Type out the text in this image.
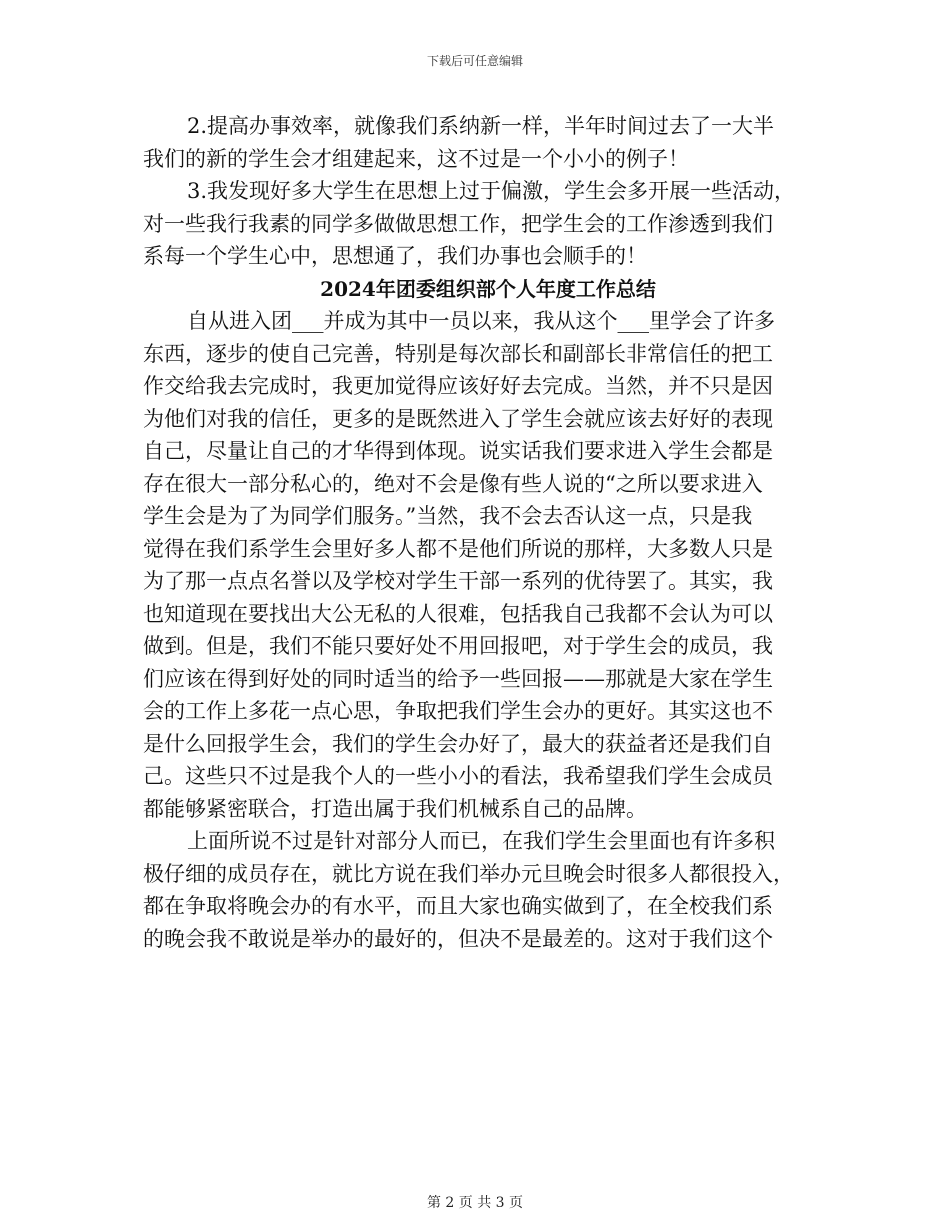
下载后可任意编辑
2.提高办事效率，就像我们系纳新一样，半年时间过去了一大半
我们的新的学生会才组建起来，这不过是一个小小的例子！
3.我发现好多大学生在思想上过于偏激，学生会多开展一些活动，
对一些我行我素的同学多做做思想工作，把学生会的工作渗透到我们
系每一个学生心中，思想通了，我们办事也会顺手的！
2024年团委组织部个人年度工作总结
自从进入团___并成为其中一员以来，我从这个___里学会了许多
东西，逐步的使自己完善，特别是每次部长和副部长非常信任的把工
作交给我去完成时，我更加觉得应该好好去完成。当然，并不只是因
为他们对我的信任，更多的是既然进入了学生会就应该去好好的表现
自己，尽量让自己的才华得到体现。说实话我们要求进入学生会都是
存在很大一部分私心的，绝对不会是像有些人说的“之所以要求进入
学生会是为了为同学们服务。”当然，我不会去否认这一点，只是我
觉得在我们系学生会里好多人都不是他们所说的那样，大多数人只是
为了那一点点名誉以及学校对学生干部一系列的优待罢了。其实，我
也知道现在要找出大公无私的人很难，包括我自己我都不会认为可以
做到。但是，我们不能只要好处不用回报吧，对于学生会的成员，我
们应该在得到好处的同时适当的给予一些回报——那就是大家在学生
会的工作上多花一点心思，争取把我们学生会办的更好。其实这也不
是什么回报学生会，我们的学生会办好了，最大的获益者还是我们自
己。这些只不过是我个人的一些小小的看法，我希望我们学生会成员
都能够紧密联合，打造出属于我们机械系自己的品牌。
上面所说不过是针对部分人而已，在我们学生会里面也有许多积
极仔细的成员存在，就比方说在我们举办元旦晚会时很多人都很投入，
都在争取将晚会办的有水平，而且大家也确实做到了，在全校我们系
的晚会我不敢说是举办的最好的，但决不是最差的。这对于我们这个
第 2 页 共 3 页
